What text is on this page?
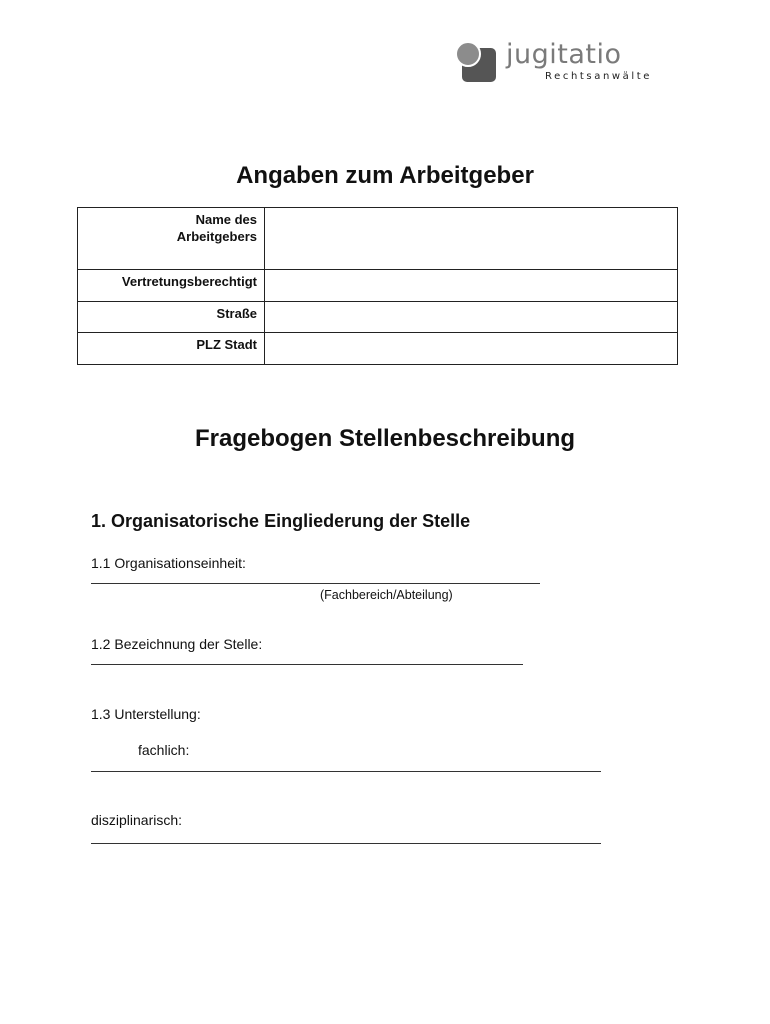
jugitatio
Rechtsanwälte
Angaben zum Arbeitgeber
Name des
Arbeitgebers	
Vertretungsberechtigt	
Straße	
PLZ Stadt	
Fragebogen Stellenbeschreibung
1. Organisatorische Eingliederung der Stelle
1.1 Organisationseinheit:
(Fachbereich/Abteilung)
1.2 Bezeichnung der Stelle:
1.3 Unterstellung:
fachlich:
disziplinarisch:
